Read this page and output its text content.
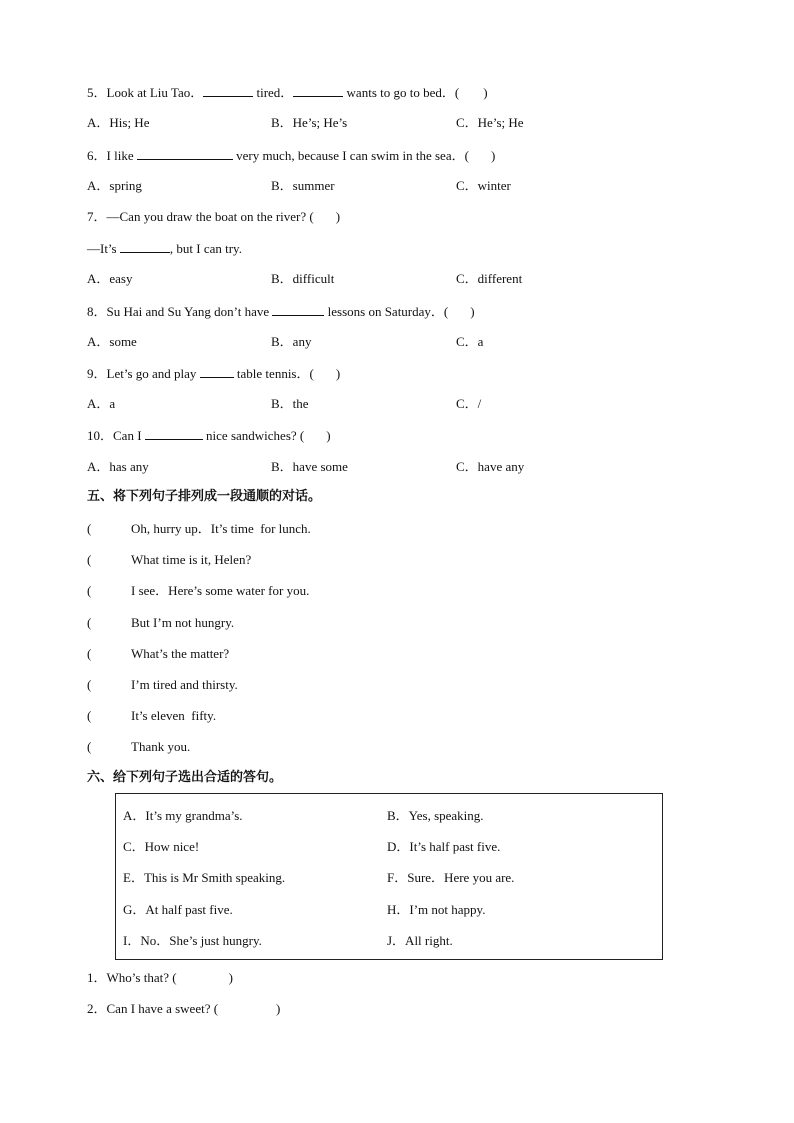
5．Look at Liu Tao．	tired．	wants to go to bed．( )
A．His; He	B．He’s; He’s	C．He’s; He
6．I like	very much, because I can swim in the sea．( )
A．spring	B．summer	C．winter
7．—Can you draw the boat on the river? ( )
—It’s	, but I can try.
A．easy	B．difficult	C．different
8．Su Hai and Su Yang don’t have	lessons on Saturday．( )
A．some	B．any	C．a
9．Let’s go and play	table tennis．( )
A．a	B．the	C．/
10．Can I	nice sandwiches? ( )
A．has any	B．have some	C．have any
五、将下列句子排列成一段通顺的对话。
(	Oh, hurry up．It’s time  for lunch.
(	What time is it, Helen?
(	I see．Here’s some water for you.
(	But I’m not hungry.
(	What’s the matter?
(	I’m tired and thirsty.
(	It’s eleven  fifty.
(	Thank you.
六、给下列句子选出合适的答句。
A．It’s my grandma’s.	B．Yes, speaking.
C．How nice!	D．It’s half past five.
E．This is Mr Smith speaking.	F．Sure．Here you are.
G．At half past five.	H．I’m not happy.
I．No．She’s just hungry.	J．All right.
1．Who’s that? (	)
2．Can I have a sweet? (	)
